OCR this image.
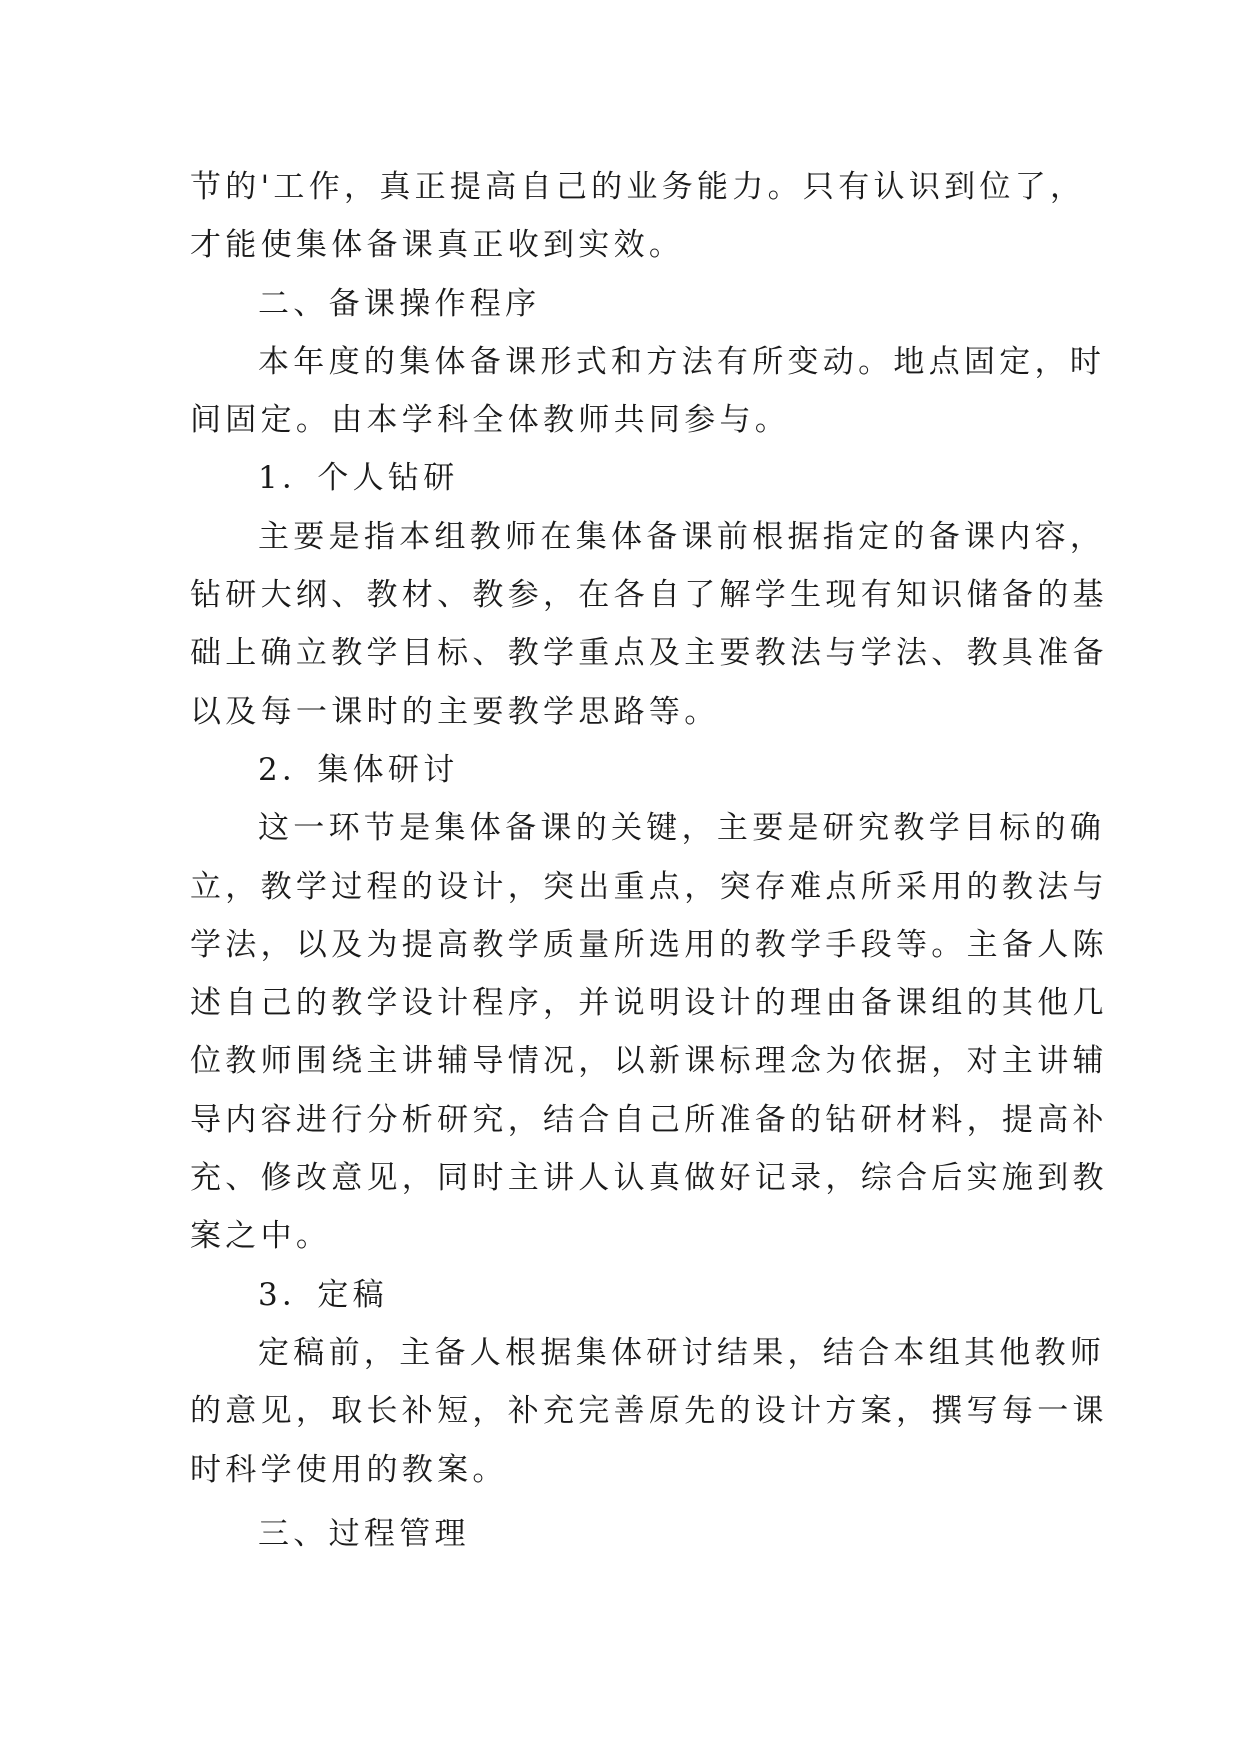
节的'工作，真正提高自己的业务能力。只有认识到位了，
才能使集体备课真正收到实效。
二、备课操作程序
本年度的集体备课形式和方法有所变动。地点固定，时
间固定。由本学科全体教师共同参与。
1．个人钻研
主要是指本组教师在集体备课前根据指定的备课内容，
钻研大纲、教材、教参，在各自了解学生现有知识储备的基
础上确立教学目标、教学重点及主要教法与学法、教具准备
以及每一课时的主要教学思路等。
2．集体研讨
这一环节是集体备课的关键，主要是研究教学目标的确
立，教学过程的设计，突出重点，突存难点所采用的教法与
学法，以及为提高教学质量所选用的教学手段等。主备人陈
述自己的教学设计程序，并说明设计的理由备课组的其他几
位教师围绕主讲辅导情况，以新课标理念为依据，对主讲辅
导内容进行分析研究，结合自己所准备的钻研材料，提高补
充、修改意见，同时主讲人认真做好记录，综合后实施到教
案之中。
3．定稿
定稿前，主备人根据集体研讨结果，结合本组其他教师
的意见，取长补短，补充完善原先的设计方案，撰写每一课
时科学使用的教案。
三、过程管理
